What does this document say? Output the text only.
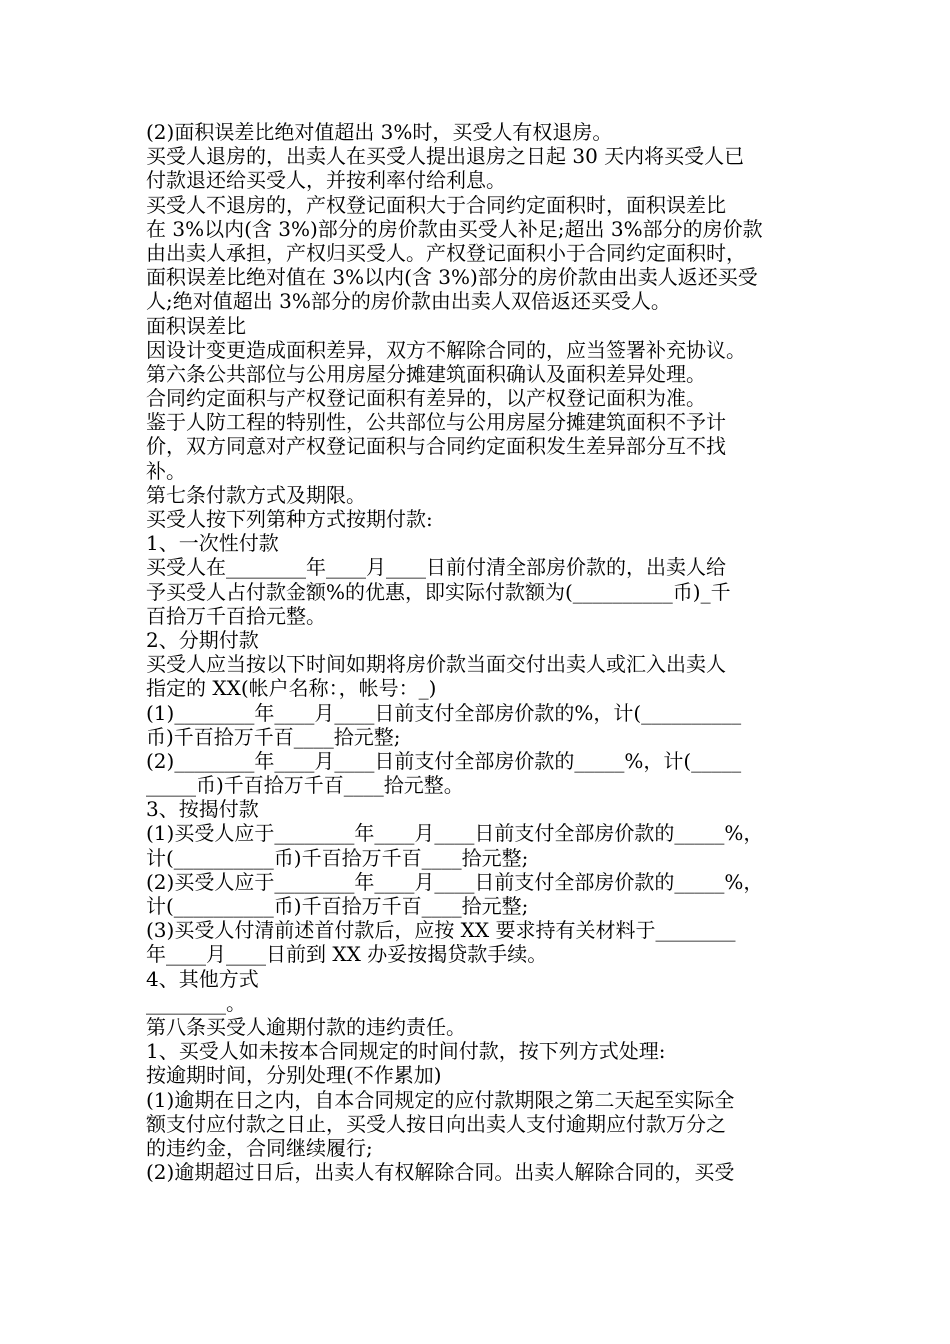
(2)面积误差比绝对值超出 3%时，买受人有权退房。
买受人退房的，出卖人在买受人提出退房之日起 30 天内将买受人已
付款退还给买受人，并按利率付给利息。
买受人不退房的，产权登记面积大于合同约定面积时，面积误差比
在 3%以内(含 3%)部分的房价款由买受人补足;超出 3%部分的房价款
由出卖人承担，产权归买受人。产权登记面积小于合同约定面积时，
面积误差比绝对值在 3%以内(含 3%)部分的房价款由出卖人返还买受
人;绝对值超出 3%部分的房价款由出卖人双倍返还买受人。
面积误差比
因设计变更造成面积差异，双方不解除合同的，应当签署补充协议。
第六条公共部位与公用房屋分摊建筑面积确认及面积差异处理。
合同约定面积与产权登记面积有差异的，以产权登记面积为准。
鉴于人防工程的特别性，公共部位与公用房屋分摊建筑面积不予计
价，双方同意对产权登记面积与合同约定面积发生差异部分互不找
补。
第七条付款方式及期限。
买受人按下列第种方式按期付款:
1、一次性付款
买受人在________年____月____日前付清全部房价款的，出卖人给
予买受人占付款金额%的优惠，即实际付款额为(__________币)_千
百拾万千百拾元整。
2、分期付款
买受人应当按以下时间如期将房价款当面交付出卖人或汇入出卖人
指定的 XX(帐户名称：，帐号：_)
(1)________年____月____日前支付全部房价款的%，计(__________
币)千百拾万千百____拾元整;
(2)________年____月____日前支付全部房价款的_____%，计(_____
_____币)千百拾万千百____拾元整。
3、按揭付款
(1)买受人应于________年____月____日前支付全部房价款的_____%，
计(__________币)千百拾万千百____拾元整;
(2)买受人应于________年____月____日前支付全部房价款的_____%，
计(__________币)千百拾万千百____拾元整;
(3)买受人付清前述首付款后，应按 XX 要求持有关材料于________
年____月____日前到 XX 办妥按揭贷款手续。
4、其他方式
________。
第八条买受人逾期付款的违约责任。
1、买受人如未按本合同规定的时间付款，按下列方式处理:
按逾期时间，分别处理(不作累加)
(1)逾期在日之内，自本合同规定的应付款期限之第二天起至实际全
额支付应付款之日止，买受人按日向出卖人支付逾期应付款万分之
的违约金，合同继续履行;
(2)逾期超过日后，出卖人有权解除合同。出卖人解除合同的，买受
